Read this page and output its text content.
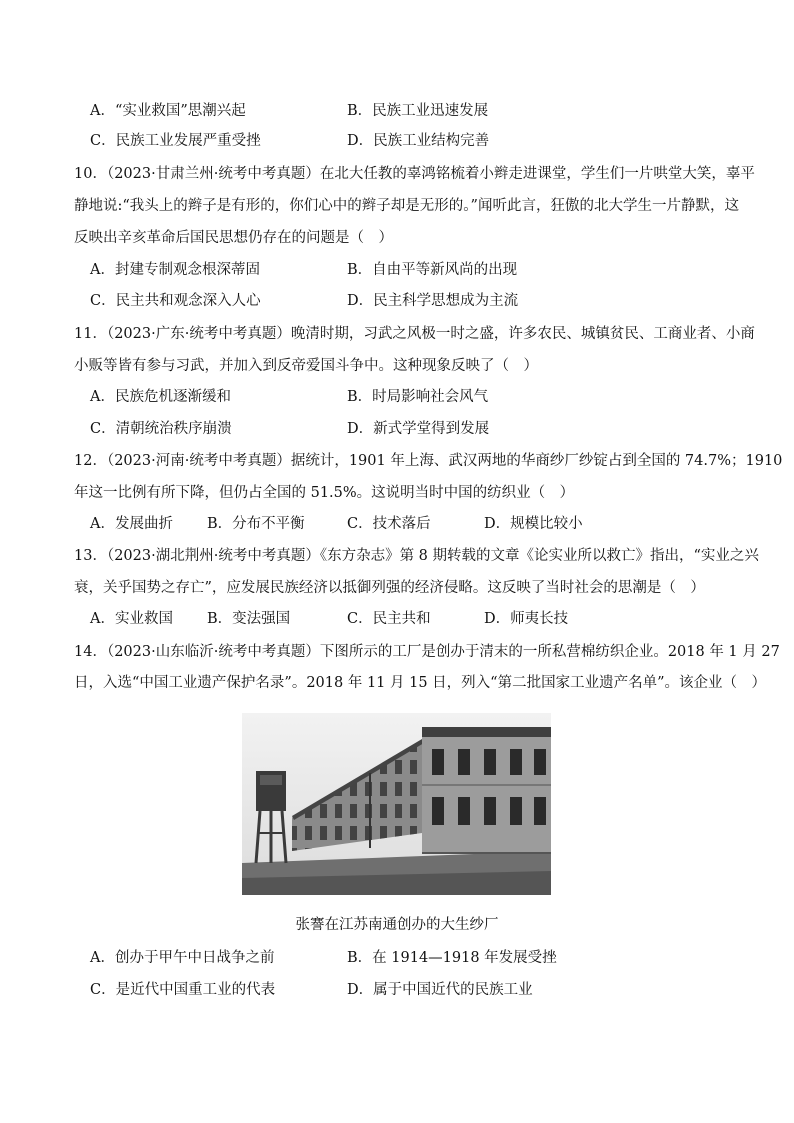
A．“实业救国”思潮兴起	B．民族工业迅速发展
C．民族工业发展严重受挫	D．民族工业结构完善
10．（2023·甘肃兰州·统考中考真题）在北大任教的辜鸿铭梳着小辫走进课堂，学生们一片哄堂大笑，辜平
静地说:“我头上的辫子是有形的，你们心中的辫子却是无形的。”闻听此言，狂傲的北大学生一片静默，这
反映出辛亥革命后国民思想仍存在的问题是（　）
A．封建专制观念根深蒂固	B．自由平等新风尚的出现
C．民主共和观念深入人心	D．民主科学思想成为主流
11．（2023·广东·统考中考真题）晚清时期，习武之风极一时之盛，许多农民、城镇贫民、工商业者、小商
小贩等皆有参与习武，并加入到反帝爱国斗争中。这种现象反映了（　）
A．民族危机逐渐缓和	B．时局影响社会风气
C．清朝统治秩序崩溃	D．新式学堂得到发展
12．（2023·河南·统考中考真题）据统计，1901 年上海、武汉两地的华商纱厂纱锭占到全国的 74.7%；1910
年这一比例有所下降，但仍占全国的 51.5%。这说明当时中国的纺织业（　）
A．发展曲折 B．分布不平衡	C．技术落后	D．规模比较小
13．（2023·湖北荆州·统考中考真题）《东方杂志》第 8 期转载的文章《论实业所以救亡》指出，“实业之兴
衰，关乎国势之存亡”，应发展民族经济以抵御列强的经济侵略。这反映了当时社会的思潮是（　）
A．实业救国 B．变法强国	C．民主共和	D．师夷长技
14．（2023·山东临沂·统考中考真题）下图所示的工厂是创办于清末的一所私营棉纺织企业。2018 年 1 月 27
日，入选“中国工业遗产保护名录”。2018 年 11 月 15 日，列入“第二批国家工业遗产名单”。该企业（　）
张謇在江苏南通创办的大生纱厂
A．创办于甲午中日战争之前	B．在 1914—1918 年发展受挫
C．是近代中国重工业的代表	D．属于中国近代的民族工业
